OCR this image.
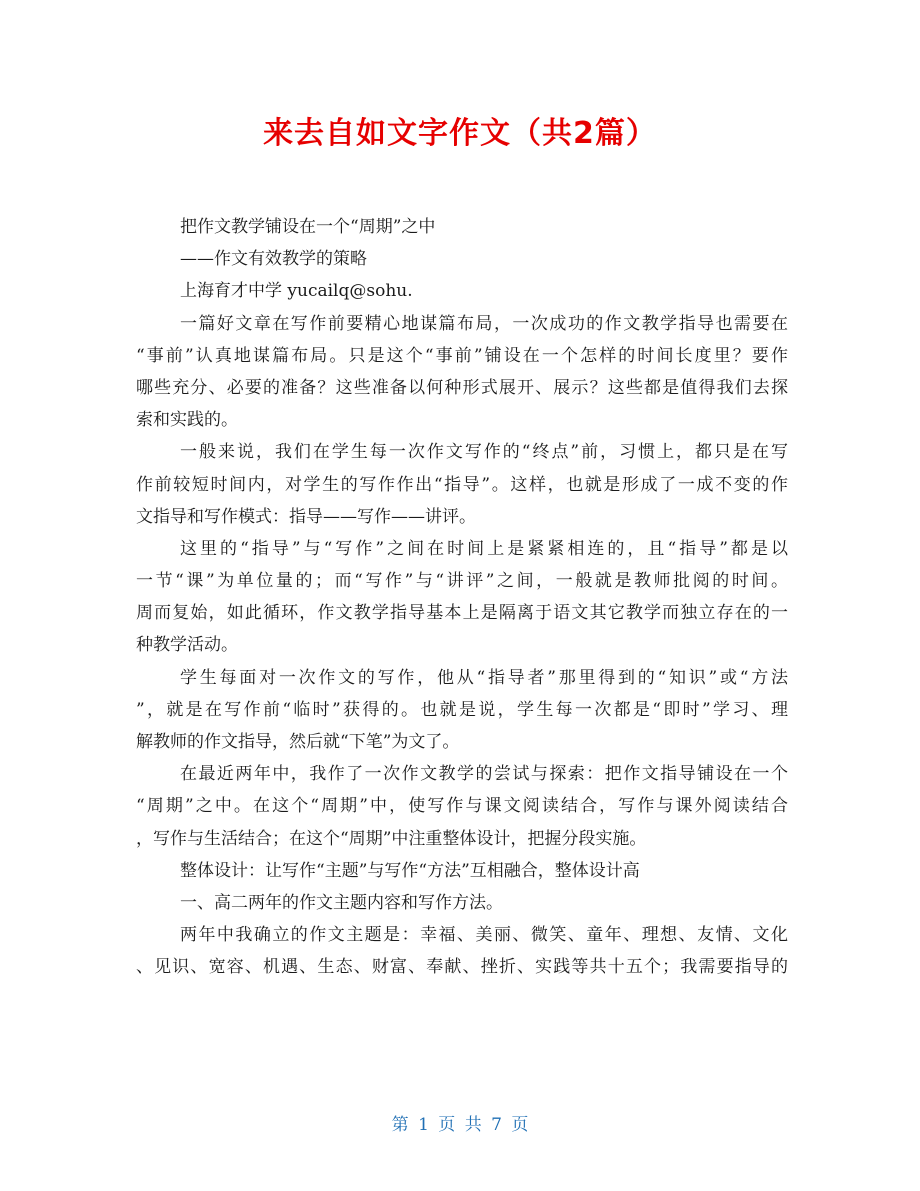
来去自如文字作文（共2篇）
把作文教学铺设在一个“周期”之中
——作文有效教学的策略
上海育才中学 yucailq@sohu.
一篇好文章在写作前要精心地谋篇布局，一次成功的作文教学指导也需要在
“事前”认真地谋篇布局。只是这个“事前”铺设在一个怎样的时间长度里？要作
哪些充分、必要的准备？这些准备以何种形式展开、展示？这些都是值得我们去探
索和实践的。
一般来说，我们在学生每一次作文写作的“终点”前，习惯上，都只是在写
作前较短时间内，对学生的写作作出“指导”。这样，也就是形成了一成不变的作
文指导和写作模式：指导——写作——讲评。
这里的“指导”与“写作”之间在时间上是紧紧相连的，且“指导”都是以
一节“课”为单位量的；而“写作”与“讲评”之间，一般就是教师批阅的时间。
周而复始，如此循环，作文教学指导基本上是隔离于语文其它教学而独立存在的一
种教学活动。
学生每面对一次作文的写作，他从“指导者”那里得到的“知识”或“方法
”，就是在写作前“临时”获得的。也就是说，学生每一次都是“即时”学习、理
解教师的作文指导，然后就“下笔”为文了。
在最近两年中，我作了一次作文教学的尝试与探索：把作文指导铺设在一个
“周期”之中。在这个“周期”中，使写作与课文阅读结合，写作与课外阅读结合
，写作与生活结合；在这个“周期”中注重整体设计，把握分段实施。
整体设计：让写作“主题”与写作“方法”互相融合，整体设计高
一、高二两年的作文主题内容和写作方法。
两年中我确立的作文主题是：幸福、美丽、微笑、童年、理想、友情、文化
、见识、宽容、机遇、生态、财富、奉献、挫折、实践等共十五个；我需要指导的
第 1 页 共 7 页
